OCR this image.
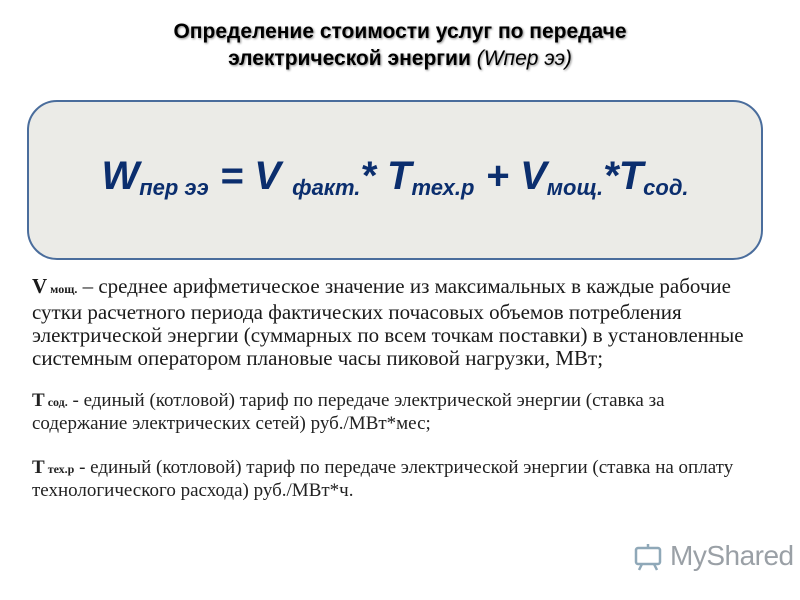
Определение стоимости услуг по передаче
электрической энергии (Wпер ээ)
$W_{пер ээ} = V$ $_{факт.}$* $T_{тех.р} + V_{мощ.}*T_{сод.}$

V мощ. – среднее арифметическое значение из максимальных в каждые рабочие сутки расчетного периода фактических почасовых объемов потребления электрической энергии (суммарных по всем точкам поставки) в установленные системным оператором плановые часы пиковой нагрузки, МВт;

T сод. - единый (котловой) тариф по передаче электрической энергии (ставка за содержание электрических сетей) руб./МВт*мес;

T тех.р - единый (котловой) тариф по передаче электрической энергии (ставка на оплату технологического расхода) руб./МВт*ч.

MyShared
